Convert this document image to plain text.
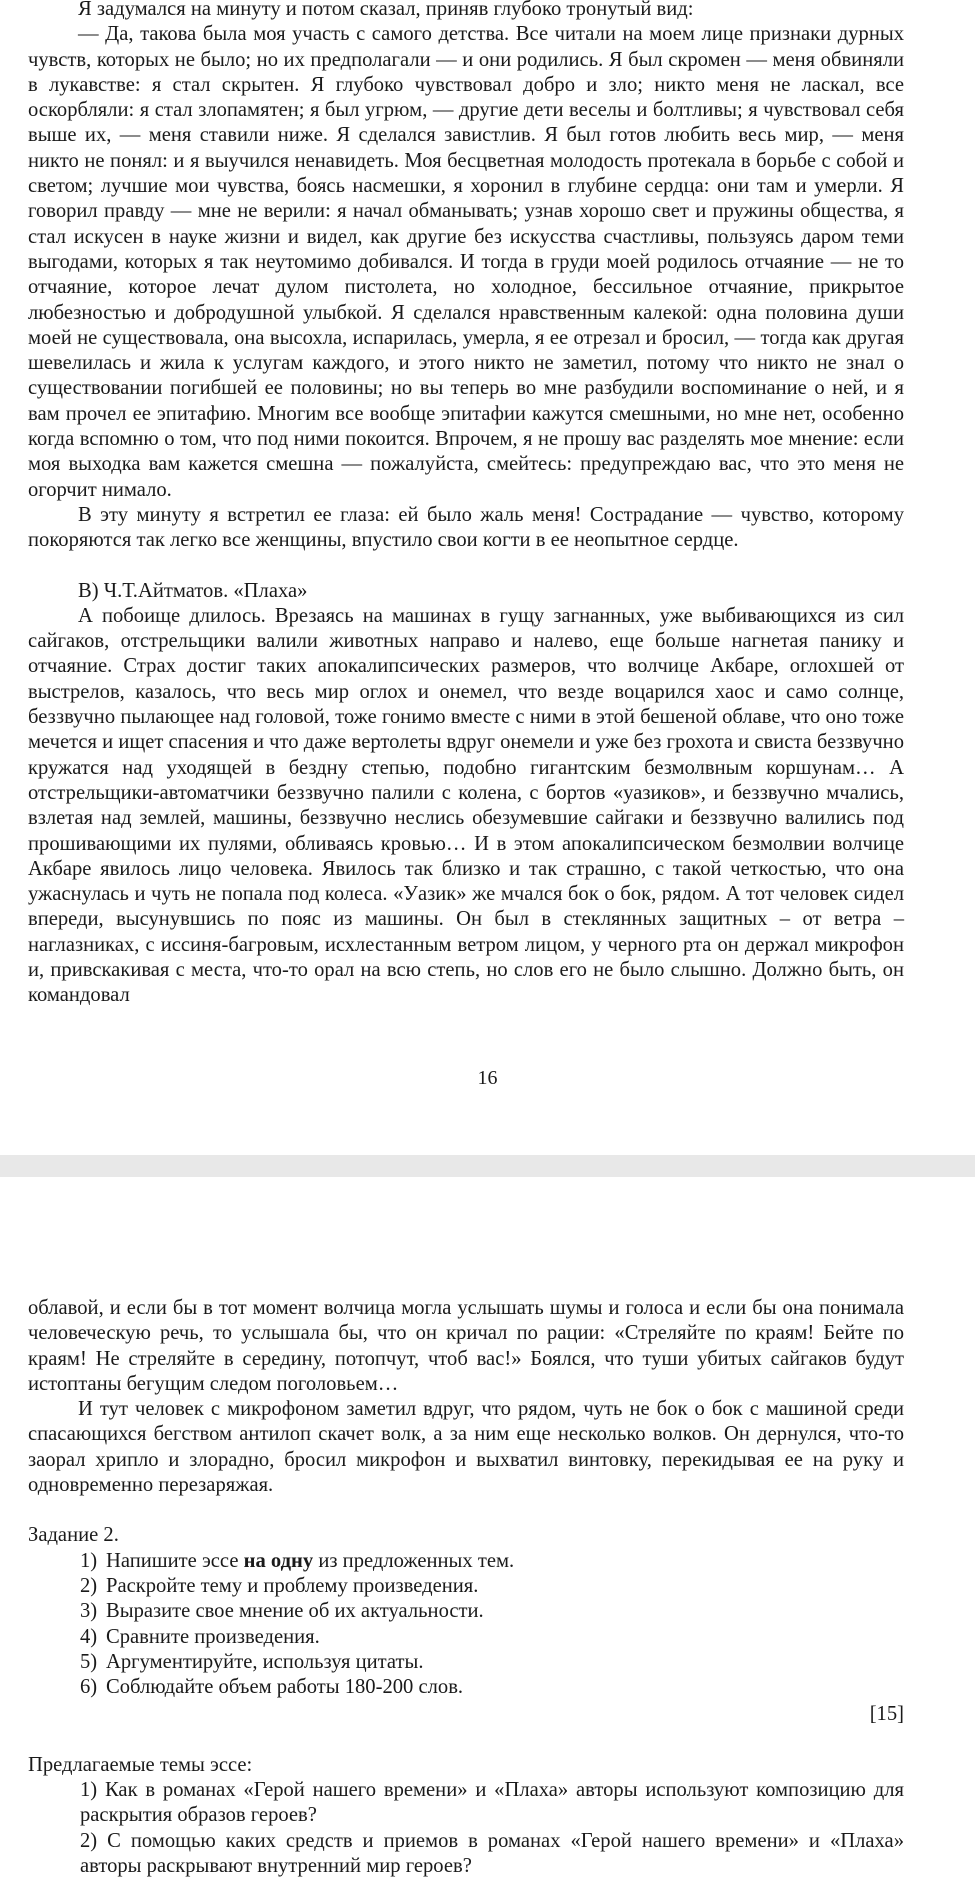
Я задумался на минуту и потом сказал, приняв глубоко тронутый вид:

— Да, такова была моя участь с самого детства. Все читали на моем лице признаки дурных чувств, которых не было; но их предполагали — и они родились. Я был скромен — меня обвиняли в лукавстве: я стал скрытен. Я глубоко чувствовал добро и зло; никто меня не ласкал, все оскорбляли: я стал злопамятен; я был угрюм, — другие дети веселы и болтливы; я чувствовал себя выше их, — меня ставили ниже. Я сделался завистлив. Я был готов любить весь мир, — меня никто не понял: и я выучился ненавидеть. Моя бесцветная молодость протекала в борьбе с собой и светом; лучшие мои чувства, боясь насмешки, я хоронил в глубине сердца: они там и умерли. Я говорил правду — мне не верили: я начал обманывать; узнав хорошо свет и пружины общества, я стал искусен в науке жизни и видел, как другие без искусства счастливы, пользуясь даром теми выгодами, которых я так неутомимо добивался. И тогда в груди моей родилось отчаяние — не то отчаяние, которое лечат дулом пистолета, но холодное, бессильное отчаяние, прикрытое любезностью и добродушной улыбкой. Я сделался нравственным калекой: одна половина души моей не существовала, она высохла, испарилась, умерла, я ее отрезал и бросил, — тогда как другая шевелилась и жила к услугам каждого, и этого никто не заметил, потому что никто не знал о существовании погибшей ее половины; но вы теперь во мне разбудили воспоминание о ней, и я вам прочел ее эпитафию. Многим все вообще эпитафии кажутся смешными, но мне нет, особенно когда вспомню о том, что под ними покоится. Впрочем, я не прошу вас разделять мое мнение: если моя выходка вам кажется смешна — пожалуйста, смейтесь: предупреждаю вас, что это меня не огорчит нимало.

В эту минуту я встретил ее глаза: ей было жаль меня! Сострадание — чувство, которому покоряются так легко все женщины, впустило свои когти в ее неопытное сердце.

B) Ч.Т.Айтматов. «Плаха»

А побоище длилось. Врезаясь на машинах в гущу загнанных, уже выбивающихся из сил сайгаков, отстрельщики валили животных направо и налево, еще больше нагнетая панику и отчаяние. Страх достиг таких апокалипсических размеров, что волчице Акбаре, оглохшей от выстрелов, казалось, что весь мир оглох и онемел, что везде воцарился хаос и само солнце, беззвучно пылающее над головой, тоже гонимо вместе с ними в этой бешеной облаве, что оно тоже мечется и ищет спасения и что даже вертолеты вдруг онемели и уже без грохота и свиста беззвучно кружатся над уходящей в бездну степью, подобно гигантским безмолвным коршунам… А отстрельщики-автоматчики беззвучно палили с колена, с бортов «уазиков», и беззвучно мчались, взлетая над землей, машины, беззвучно неслись обезумевшие сайгаки и беззвучно валились под прошивающими их пулями, обливаясь кровью… И в этом апокалипсическом безмолвии волчице Акбаре явилось лицо человека. Явилось так близко и так страшно, с такой четкостью, что она ужаснулась и чуть не попала под колеса. «Уазик» же мчался бок о бок, рядом. А тот человек сидел впереди, высунувшись по пояс из машины. Он был в стеклянных защитных – от ветра – наглазниках, с иссиня-багровым, исхлестанным ветром лицом, у черного рта он держал микрофон и, привскакивая с места, что-то орал на всю степь, но слов его не было слышно. Должно быть, он командовал

16

облавой, и если бы в тот момент волчица могла услышать шумы и голоса и если бы она понимала человеческую речь, то услышала бы, что он кричал по рации: «Стреляйте по краям! Бейте по краям! Не стреляйте в середину, потопчут, чтоб вас!» Боялся, что туши убитых сайгаков будут истоптаны бегущим следом поголовьем…

И тут человек с микрофоном заметил вдруг, что рядом, чуть не бок о бок с машиной среди спасающихся бегством антилоп скачет волк, а за ним еще несколько волков. Он дернулся, что-то заорал хрипло и злорадно, бросил микрофон и выхватил винтовку, перекидывая ее на руку и одновременно перезаряжая.

Задание 2.

1) Напишите эссе на одну из предложенных тем.
2) Раскройте тему и проблему произведения.
3) Выразите свое мнение об их актуальности.
4) Сравните произведения.
5) Аргументируйте, используя цитаты.
6) Соблюдайте объем работы 180-200 слов.

[15]

Предлагаемые темы эссе:

1) Как в романах «Герой нашего времени» и «Плаха» авторы используют композицию для раскрытия образов героев?
2) С помощью каких средств и приемов в романах «Герой нашего времени» и «Плаха» авторы раскрывают внутренний мир героев?
